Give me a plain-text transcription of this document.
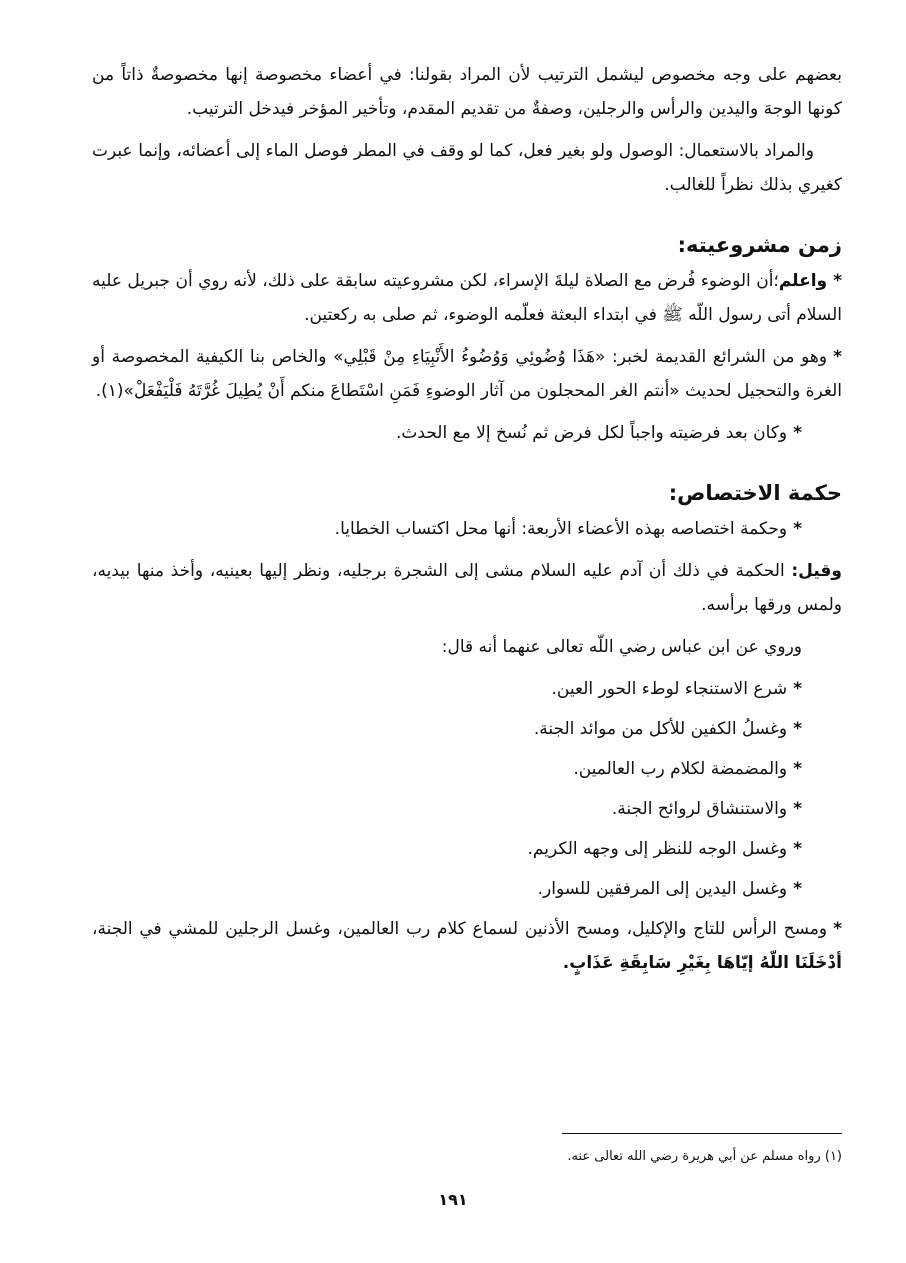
بعضهم على وجه مخصوص ليشمل الترتيب لأن المراد بقولنا: في أعضاء مخصوصة إنها مخصوصةٌ ذاتاً من كونها الوجهَ واليدين والرأس والرجلين، وصفةٌ من تقديم المقدم، وتأخير المؤخر فيدخل الترتيب.

والمراد بالاستعمال: الوصول ولو بغير فعل، كما لو وقف في المطر فوصل الماء إلى أعضائه، وإنما عبرت كغيري بذلك نظراً للغالب.

زمن مشروعيته:

*واعلم؛أن الوضوء فُرض مع الصلاة ليلةَ الإسراء، لكن مشروعيته سابقة على ذلك، لأنه روي أن جبريل عليه السلام أتى رسول اللّه ﷺ في ابتداء البعثة فعلّمه الوضوء، ثم صلى به ركعتين.

*وهو من الشرائع القديمة لخبر: «هَذَا وُضُوئِي وَوُضُوءُ الأَنْبِيَاءِ مِنْ قَبْلِي» والخاص بنا الكيفية المخصوصة أو الغرة والتحجيل لحديث «أنتم الغر المحجلون من آثار الوضوءِ فَمَنِ اسْتَطاعَ منكم أَنْ يُطِيلَ غُرَّتَهُ فَلْيَفْعَلْ»(١).

*وكان بعد فرضيته واجباً لكل فرض ثم نُسخ إلا مع الحدث.

حكمة الاختصاص:

*وحكمة اختصاصه بهذه الأعضاء الأربعة: أنها محل اكتساب الخطايا.

وقيل: الحكمة في ذلك أن آدم عليه السلام مشى إلى الشجرة برجليه، ونظر إليها بعينيه، وأخذ منها بيديه، ولمس ورقها برأسه.

وروي عن ابن عباس رضي اللّه تعالى عنهما أنه قال:

*شرع الاستنجاء لوطء الحور العين.
*وغسلُ الكفين للأكل من موائد الجنة.
*والمضمضة لكلام رب العالمين.
*والاستنشاق لروائح الجنة.
*وغسل الوجه للنظر إلى وجهه الكريم.
*وغسل اليدين إلى المرفقين للسوار.

*ومسح الرأس للتاج والإكليل، ومسح الأذنين لسماع كلام رب العالمين، وغسل الرجلين للمشي في الجنة، أدْخَلَنَا اللّهُ إيّاهَا بِغَيْرِ سَابِقَةِ عَذَابٍ.

(١) رواه مسلم عن أبي هريرة رضي الله تعالى عنه.
١٩١
